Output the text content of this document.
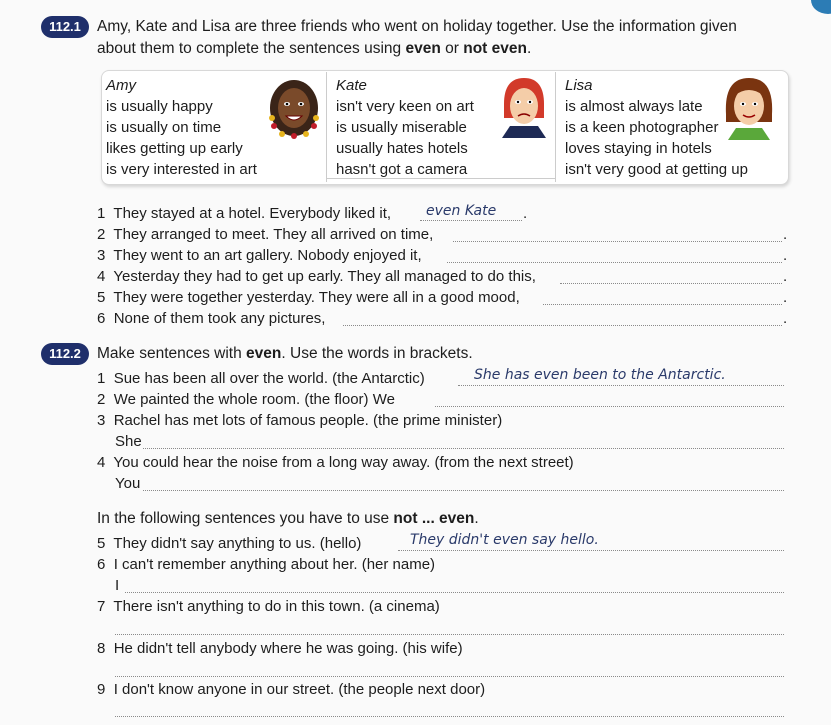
112.1	Amy, Kate and Lisa are three friends who went on holiday together. Use the information given
about them to complete the sentences using even or not even.
Amy
is usually happy
is usually on time
likes getting up early
is very interested in art
Kate
isn't very keen on art
is usually miserable
usually hates hotels
hasn't got a camera
Lisa
is almost always late
is a keen photographer
loves staying in hotels
isn't very good at getting up
1 They stayed at a hotel. Everybody liked it, even Kate .
2 They arranged to meet. They all arrived on time,	.
3 They went to an art gallery. Nobody enjoyed it,	.
4 Yesterday they had to get up early. They all managed to do this,	.
5 They were together yesterday. They were all in a good mood,	.
6 None of them took any pictures,	.
112.2	Make sentences with even. Use the words in brackets.
1 Sue has been all over the world. (the Antarctic)	She has even been to the Antarctic.
2 We painted the whole room. (the floor) We
3 Rachel has met lots of famous people. (the prime minister)
She
4 You could hear the noise from a long way away. (from the next street)
You
In the following sentences you have to use not ... even.
5 They didn't say anything to us. (hello)	They didn't even say hello.
6 I can't remember anything about her. (her name)
I
7 There isn't anything to do in this town. (a cinema)
8 He didn't tell anybody where he was going. (his wife)
9 I don't know anyone in our street. (the people next door)
